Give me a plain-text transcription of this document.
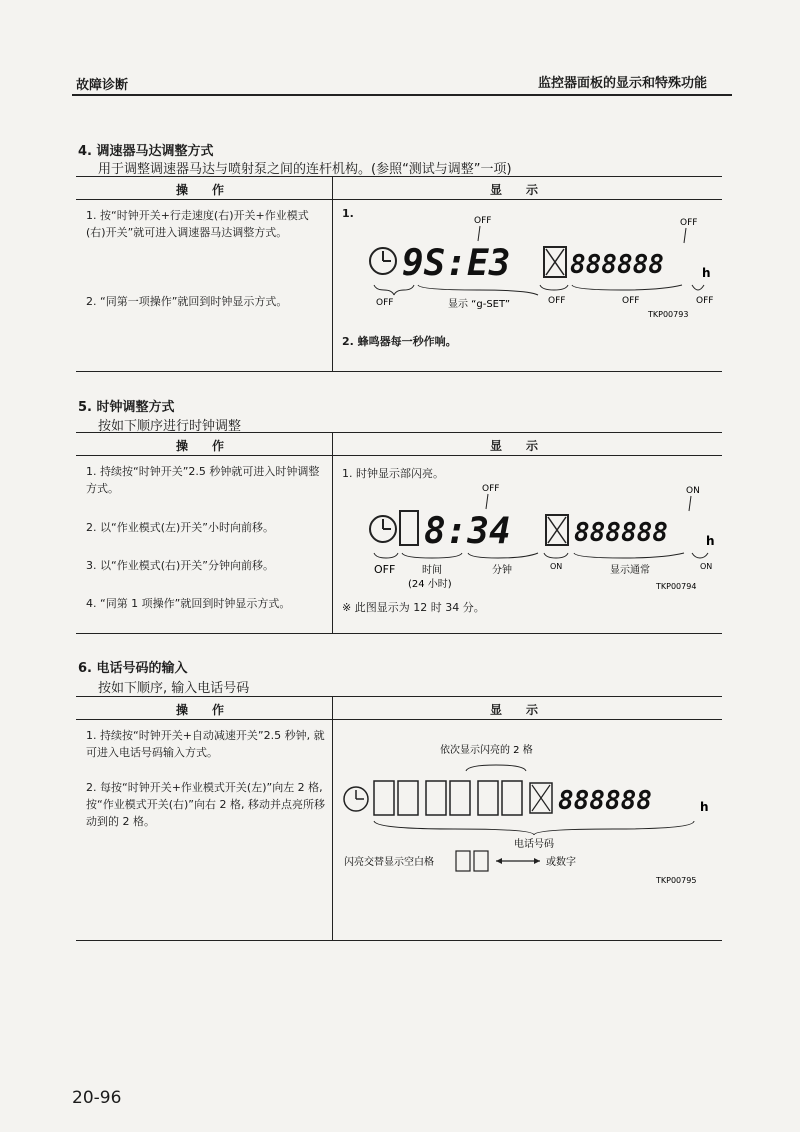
故障诊断	监控器面板的显示和特殊功能
4. 调速器马达调整方式
用于调整调速器马达与喷射泵之间的连杆机构。(参照“测试与调整”一项)
操作	显示
1. 按“时钟开关+行走速度(右)开关+作业模式(右)开关”就可进入调速器马达调整方式。
2. “同第一项操作”就回到时钟显示方式。
1.
2. 蜂鸣器每一秒作响。
OFF	OFF
9S:E3 888888	h
OFF	显示 “g-SET”	OFF	OFF	OFF
TKP00793
5. 时钟调整方式
按如下顺序进行时钟调整
操作	显示
1. 持续按“时钟开关”2.5 秒钟就可进入时钟调整方式。
2. 以“作业模式(左)开关”小时向前移。
3. 以“作业模式(右)开关”分钟向前移。
4. “同第 1 项操作”就回到时钟显示方式。
1. 时钟显示部闪亮。
※ 此图显示为 12 时 34 分。
OFF	ON
8:34 888888	h
OFF	时间
(24 小时)
分钟	ON	显示通常	ON
TKP00794
6. 电话号码的输入
按如下顺序, 输入电话号码
操作	显示
1. 持续按“时钟开关+自动减速开关”2.5 秒钟, 就可进入电话号码输入方式。
2. 每按“时钟开关+作业模式开关(左)”向左 2 格, 按“作业模式开关(右)”向右 2 格, 移动并点亮所移动到的 2 格。
依次显示闪亮的 2 格
888888	h
电话号码
闪亮交替显示空白格	或数字
TKP00795
20-96
